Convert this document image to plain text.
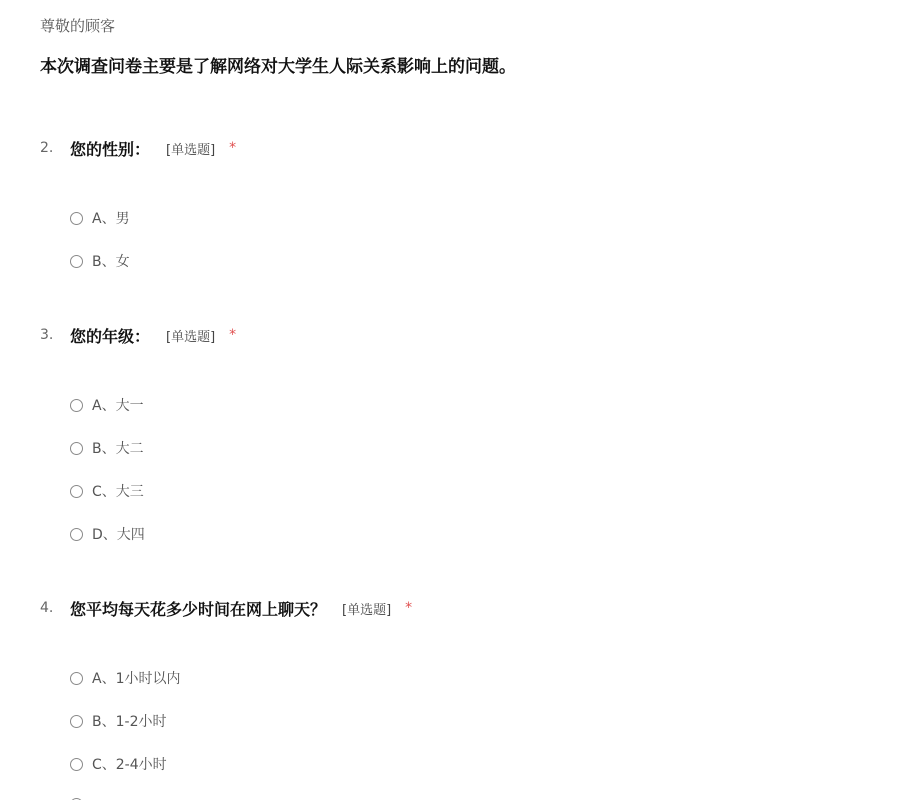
尊敬的顾客
本次调查问卷主要是了解网络对大学生人际关系影响上的问题。
2.	您的性别： [单选题] *
A、男
B、女
3.	您的年级： [单选题] *
A、大一
B、大二
C、大三
D、大四
4.	您平均每天花多少时间在网上聊天？ [单选题] *
A、1小时以内
B、1-2小时
C、2-4小时
